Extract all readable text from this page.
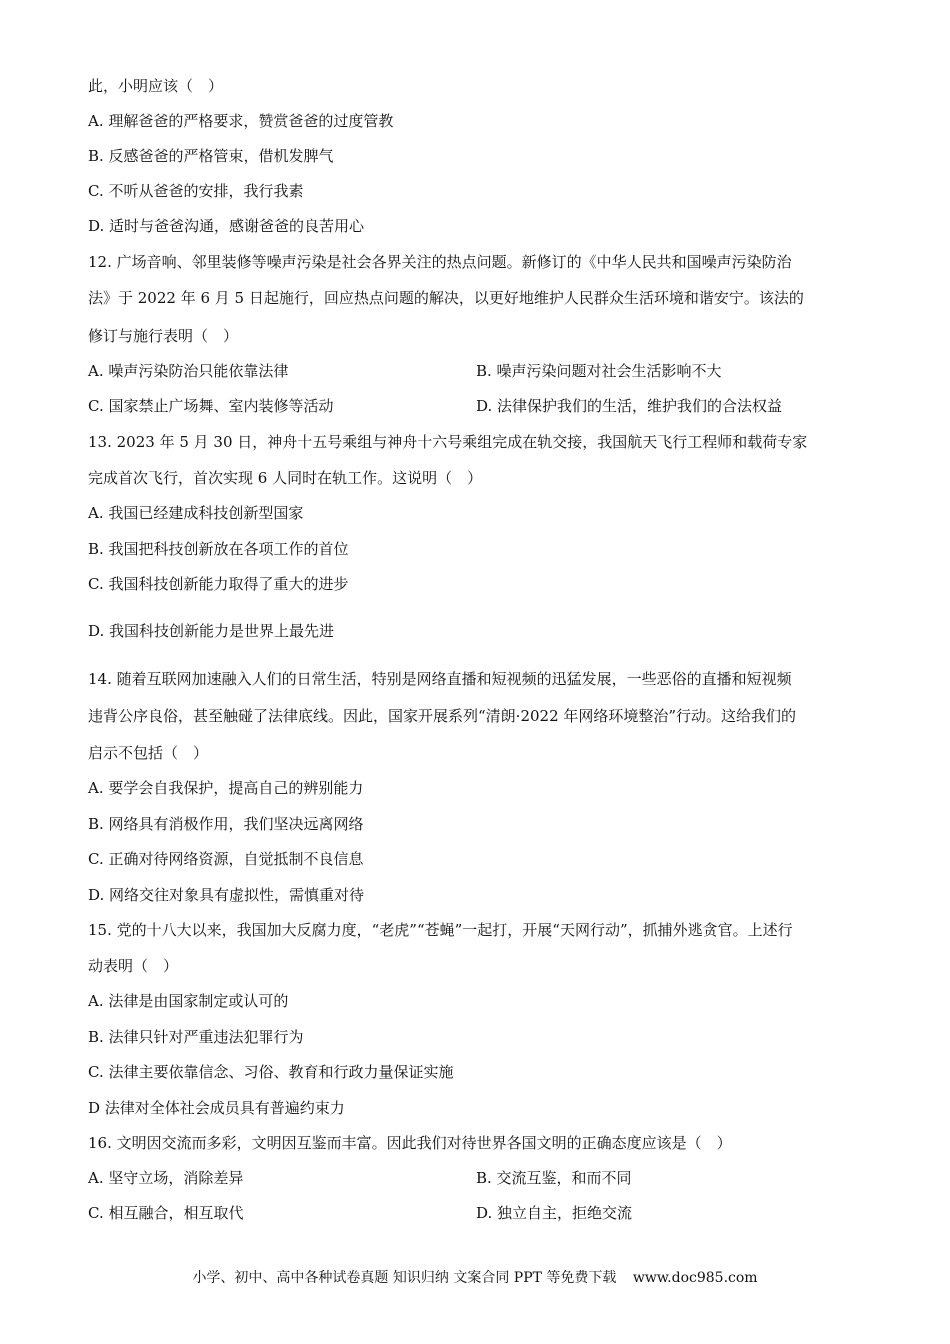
此，小明应该（　）
A. 理解爸爸的严格要求，赞赏爸爸的过度管教
B. 反感爸爸的严格管束，借机发脾气
C. 不听从爸爸的安排，我行我素
D. 适时与爸爸沟通，感谢爸爸的良苦用心
12. 广场音响、邻里装修等噪声污染是社会各界关注的热点问题。新修订的《中华人民共和国噪声污染防治
法》于 2022 年 6 月 5 日起施行，回应热点问题的解决，以更好地维护人民群众生活环境和谐安宁。该法的
修订与施行表明（　）
A. 噪声污染防治只能依靠法律	B. 噪声污染问题对社会生活影响不大
C. 国家禁止广场舞、室内装修等活动	D. 法律保护我们的生活，维护我们的合法权益
13. 2023 年 5 月 30 日，神舟十五号乘组与神舟十六号乘组完成在轨交接，我国航天飞行工程师和载荷专家
完成首次飞行，首次实现 6 人同时在轨工作。这说明（　）
A. 我国已经建成科技创新型国家
B. 我国把科技创新放在各项工作的首位
C. 我国科技创新能力取得了重大的进步
D. 我国科技创新能力是世界上最先进
14. 随着互联网加速融入人们的日常生活，特别是网络直播和短视频的迅猛发展，一些恶俗的直播和短视频
违背公序良俗，甚至触碰了法律底线。因此，国家开展系列“清朗·2022 年网络环境整治”行动。这给我们的
启示不包括（　）
A. 要学会自我保护，提高自己的辨别能力
B. 网络具有消极作用，我们坚决远离网络
C. 正确对待网络资源，自觉抵制不良信息
D. 网络交往对象具有虚拟性，需慎重对待
15. 党的十八大以来，我国加大反腐力度，“老虎”“苍蝇”一起打，开展“天网行动”，抓捕外逃贪官。上述行
动表明（　）
A. 法律是由国家制定或认可的
B. 法律只针对严重违法犯罪行为
C. 法律主要依靠信念、习俗、教育和行政力量保证实施
D 法律对全体社会成员具有普遍约束力
16. 文明因交流而多彩，文明因互鉴而丰富。因此我们对待世界各国文明的正确态度应该是（　）
A. 坚守立场，消除差异	B. 交流互鉴，和而不同
C. 相互融合，相互取代	D. 独立自主，拒绝交流
小学、初中、高中各种试卷真题 知识归纳 文案合同 PPT 等免费下载 www.doc985.com
